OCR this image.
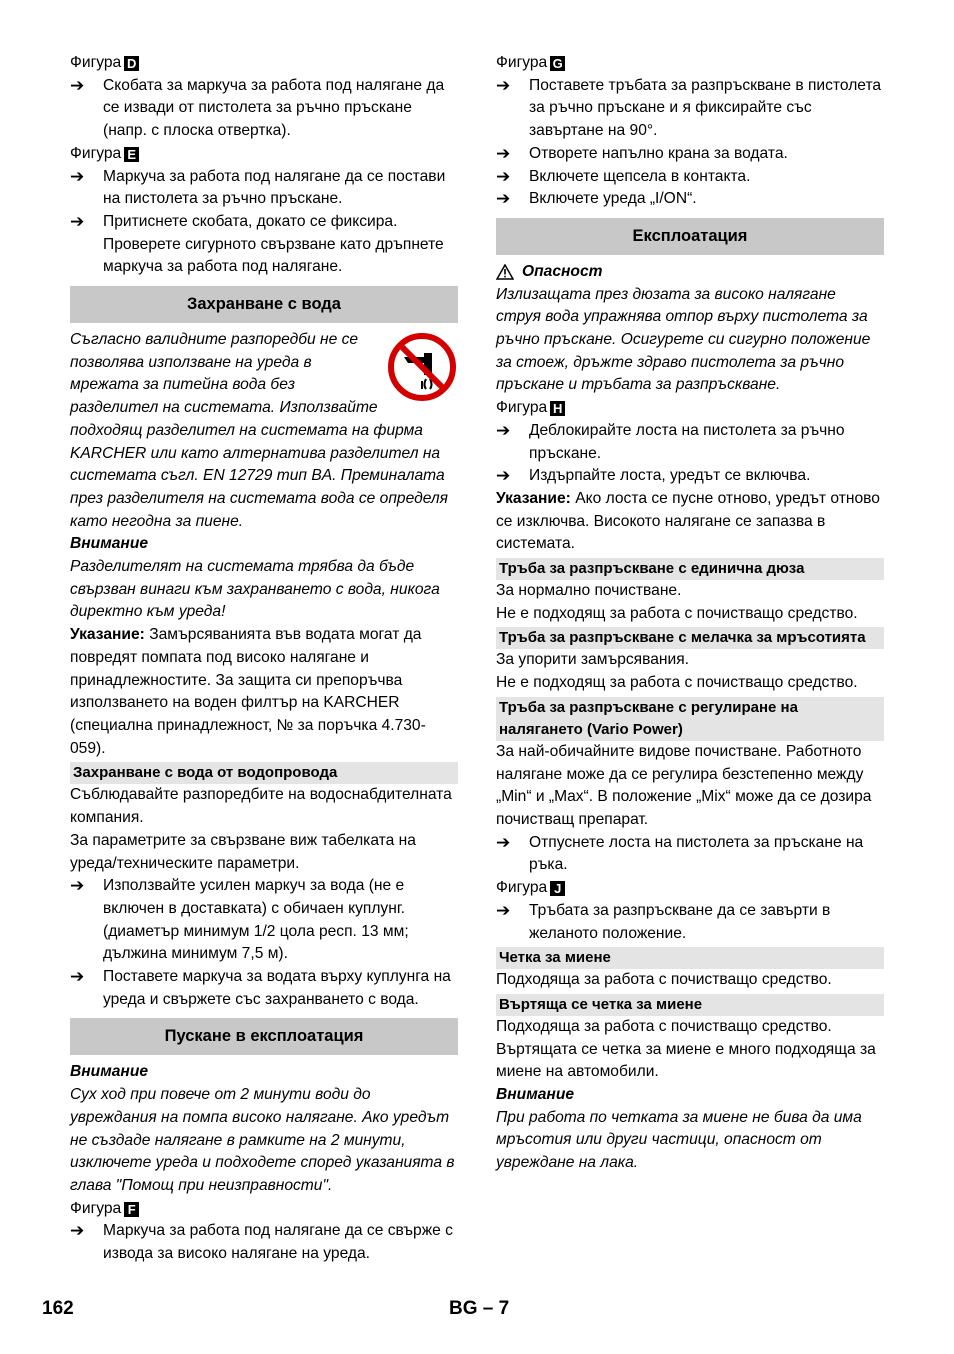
Фигура D

➔	Скобата за маркуча за работа под налягане да се извади от пистолета за ръчно пръскане (напр. с плоска отвертка).

Фигура E

➔	Маркуча за работа под налягане да се постави на пистолета за ръчно пръскане.
➔	Притиснете скобата, докато се фиксира. Проверете сигурното свързване като дръпнете маркуча за работа под налягане.
Захранване с вода

Съгласно валидните разпоредби не се позволява използване на уреда в мрежата за питейна вода без разделител на системата. Използвайте подходящ разделител на системата на фирма KARCHER или като алтернатива разделител на системата съгл. EN 12729 тип BA. Преминалата през разделителя на системата вода се определя като негодна за пиене.

Внимание

Разделителят на системата трябва да бъде свързван винаги към захранването с вода, никога директно към уреда!

Указание: Замърсяванията във водата могат да повредят помпата под високо налягане и принадлежностите. За защита си препоръчва използването на воден филтър на KARCHER (специална принадлежност, № за поръчка 4.730-059).

Захранване с вода от водопровода

Съблюдавайте разпоредбите на водоснабдителната компания.

За параметрите за свързване виж табелката на уреда/техническите параметри.

➔	Използвайте усилен маркуч за вода (не е включен в доставката) с обичаен куплунг. (диаметър минимум 1/2 цола респ. 13 мм; дължина минимум 7,5 м).
➔	Поставете маркуча за водата върху куплунга на уреда и свържете със захранването с вода.
Пускане в експлоатация

Внимание

Сух ход при повече от 2 минути води до увреждания на помпа високо налягане. Ако уредът не създаде налягане в рамките на 2 минути, изключете уреда и подходете според указанията в глава "Помощ при неизправности".

Фигура F

➔	Маркуча за работа под налягане да се свърже с извода за високо налягане на уреда.

Фигура G

➔	Поставете тръбата за разпръскване в пистолета за ръчно пръскане и я фиксирайте със завъртане на 90°.
➔	Отворете напълно крана за водата.
➔	Включете щепсела в контакта.
➔	Включете уреда „I/ON“.
Експлоатация

Опасност

Излизащата през дюзата за високо налягане струя вода упражнява отпор върху пистолета за ръчно пръскане. Осигурете си сигурно положение за стоеж, дръжте здраво пистолета за ръчно пръскане и тръбата за разпръскване.

Фигура H

➔	Деблокирайте лоста на пистолета за ръчно пръскане.
➔	Издърпайте лоста, уредът се включва.

Указание: Ако лоста се пусне отново, уредът отново се изключва. Високото налягане се запазва в системата.

Тръба за разпръскване с единична дюза

За нормално почистване.

Не е подходящ за работа с почистващо средство.

Тръба за разпръскване с мелачка за мръсотията

За упорити замърсявания.

Не е подходящ за работа с почистващо средство.

Тръба за разпръскване с регулиране на налягането (Vario Power)

За най-обичайните видове почистване. Работното налягане може да се регулира безстепенно между „Min“ и „Max“. В положение „Mix“ може да се дозира почистващ препарат.

➔	Отпуснете лоста на пистолета за пръскане на ръка.

Фигура J

➔	Тръбата за разпръскване да се завърти в желаното положение.
Четка за миене

Подходяща за работа с почистващо средство.

Въртяща се четка за миене

Подходяща за работа с почистващо средство.

Въртящата се четка за миене е много подходяща за миене на автомобили.

Внимание

При работа по четката за миене не бива да има мръсотия или други частици, опасност от увреждане на лака.

162	BG – 7
